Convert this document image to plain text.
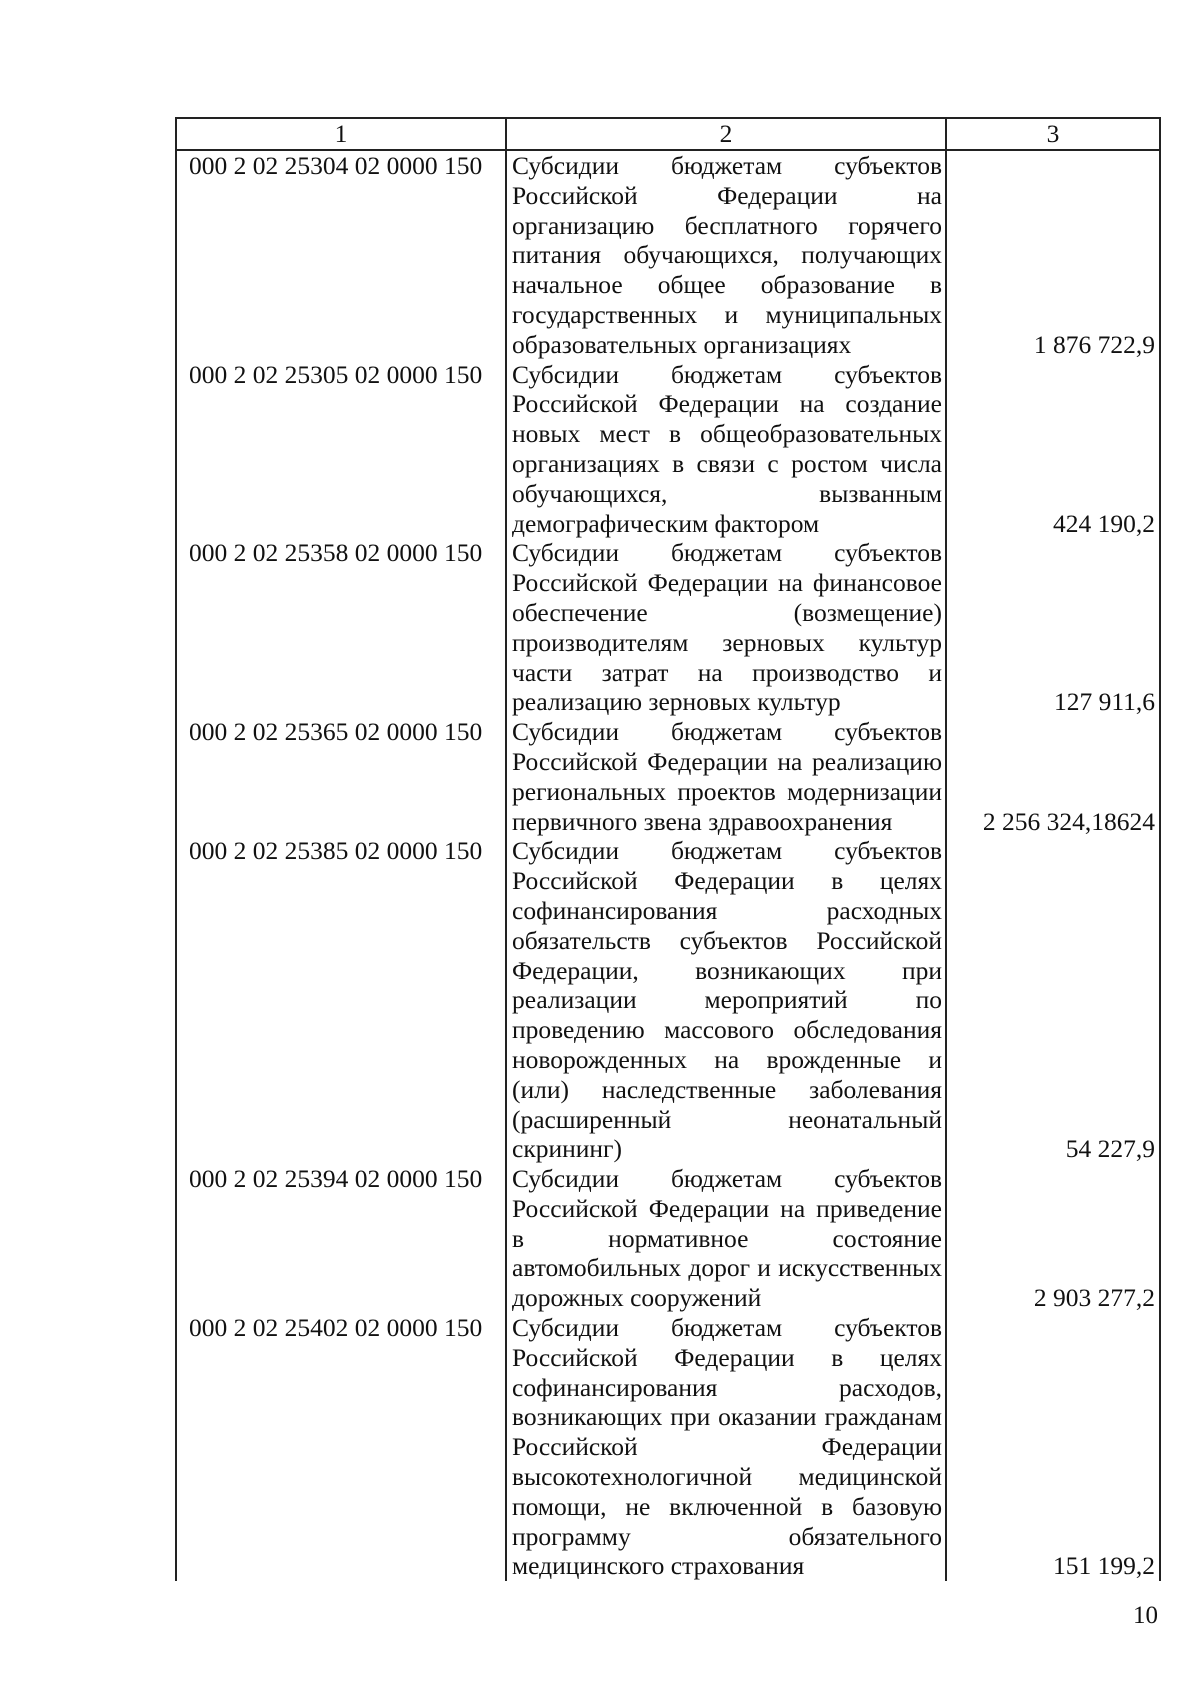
1	2	3
000 2 02 25304 02 0000 150	Субсидии бюджетам субъектов Российской Федерации на организацию бесплатного горячего питания обучающихся, получающих начальное общее образование в государственных и муниципальных образовательных организациях	1 876 722,9
000 2 02 25305 02 0000 150	Субсидии бюджетам субъектов Российской Федерации на создание новых мест в общеобразовательных организациях в связи с ростом числа обучающихся, вызванным демографическим фактором	424 190,2
000 2 02 25358 02 0000 150	Субсидии бюджетам субъектов Российской Федерации на финансовое обеспечение (возмещение) производителям зерновых культур части затрат на производство и реализацию зерновых культур	127 911,6
000 2 02 25365 02 0000 150	Субсидии бюджетам субъектов Российской Федерации на реализацию региональных проектов модернизации первичного звена здравоохранения	2 256 324,18624
000 2 02 25385 02 0000 150	Субсидии бюджетам субъектов Российской Федерации в целях софинансирования расходных обязательств субъектов Российской Федерации, возникающих при реализации мероприятий по проведению массового обследования новорожденных на врожденные и (или) наследственные заболевания (расширенный неонатальный скрининг)	54 227,9
000 2 02 25394 02 0000 150	Субсидии бюджетам субъектов Российской Федерации на приведение в нормативное состояние автомобильных дорог и искусственных дорожных сооружений	2 903 277,2
000 2 02 25402 02 0000 150	Субсидии бюджетам субъектов Российской Федерации в целях софинансирования расходов, возникающих при оказании гражданам Российской Федерации высокотехнологичной медицинской помощи, не включенной в базовую программу обязательного медицинского страхования	151 199,2
10
